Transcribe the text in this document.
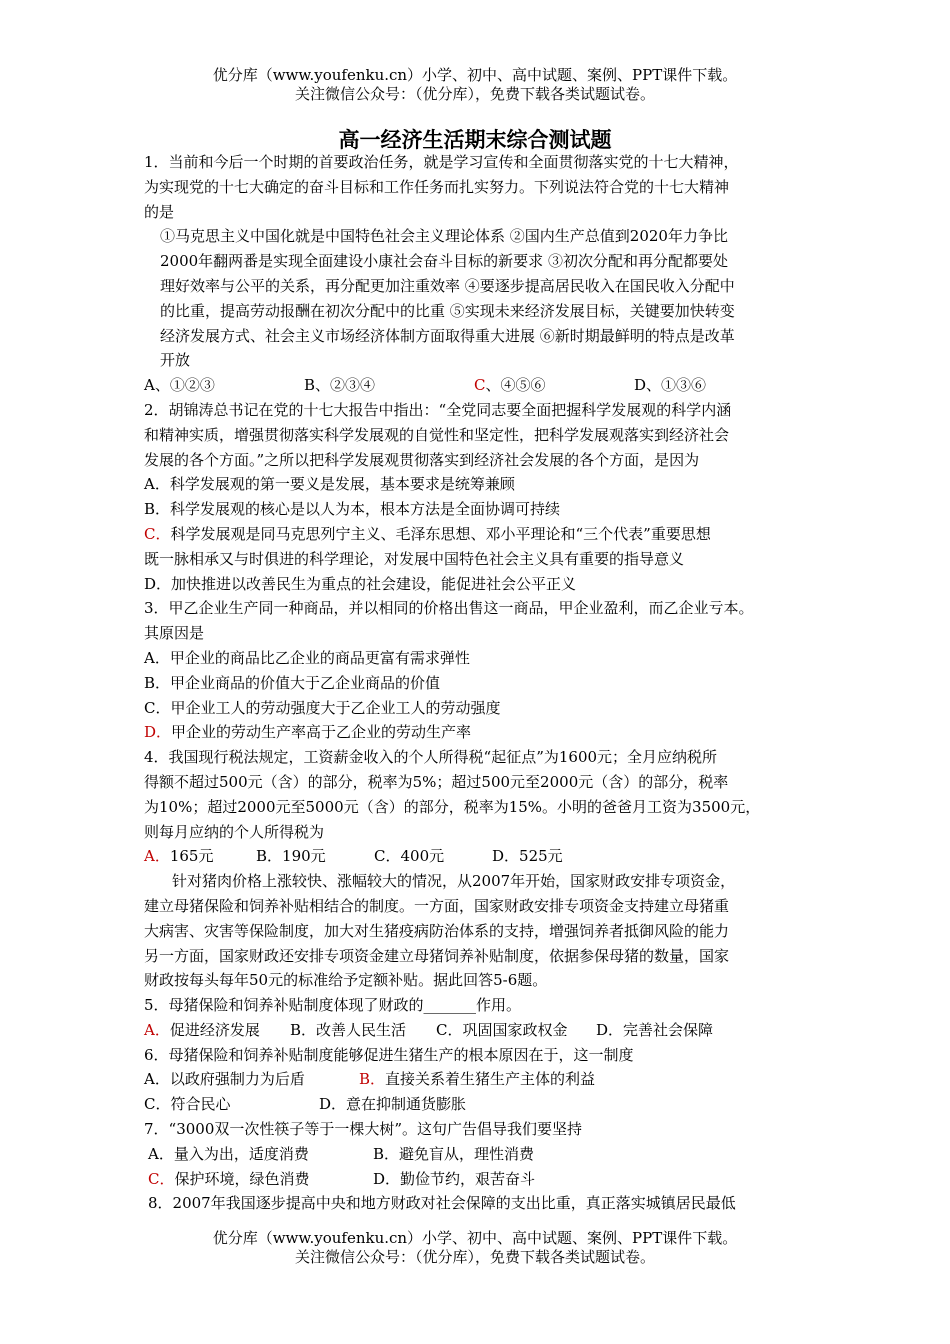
优分库（www.youfenku.cn）小学、初中、高中试题、案例、PPT课件下载。
关注微信公众号：（优分库），免费下载各类试题试卷。
高一经济生活期末综合测试题

1．当前和今后一个时期的首要政治任务，就是学习宣传和全面贯彻落实党的十七大精神，

为实现党的十七大确定的奋斗目标和工作任务而扎实努力。下列说法符合党的十七大精神

的是

①马克思主义中国化就是中国特色社会主义理论体系 ②国内生产总值到2020年力争比

2000年翻两番是实现全面建设小康社会奋斗目标的新要求 ③初次分配和再分配都要处

理好效率与公平的关系，再分配更加注重效率 ④要逐步提高居民收入在国民收入分配中

的比重，提高劳动报酬在初次分配中的比重 ⑤实现未来经济发展目标，关键要加快转变

经济发展方式、社会主义市场经济体制方面取得重大进展 ⑥新时期最鲜明的特点是改革

开放

A、①②③	B、②③④	C、④⑤⑥	D、①③⑥

2．胡锦涛总书记在党的十七大报告中指出：“全党同志要全面把握科学发展观的科学内涵

和精神实质，增强贯彻落实科学发展观的自觉性和坚定性，把科学发展观落实到经济社会

发展的各个方面。”之所以把科学发展观贯彻落实到经济社会发展的各个方面，是因为

A．科学发展观的第一要义是发展，基本要求是统筹兼顾

B．科学发展观的核心是以人为本，根本方法是全面协调可持续

C．科学发展观是同马克思列宁主义、毛泽东思想、邓小平理论和“三个代表”重要思想

既一脉相承又与时俱进的科学理论，对发展中国特色社会主义具有重要的指导意义

D．加快推进以改善民生为重点的社会建设，能促进社会公平正义

3．甲乙企业生产同一种商品，并以相同的价格出售这一商品，甲企业盈利，而乙企业亏本。

其原因是

A．甲企业的商品比乙企业的商品更富有需求弹性

B．甲企业商品的价值大于乙企业商品的价值

C．甲企业工人的劳动强度大于乙企业工人的劳动强度

D．甲企业的劳动生产率高于乙企业的劳动生产率

4．我国现行税法规定，工资薪金收入的个人所得税“起征点”为1600元；全月应纳税所

得额不超过500元（含）的部分，税率为5%；超过500元至2000元（含）的部分，税率

为10%；超过2000元至5000元（含）的部分，税率为15%。小明的爸爸月工资为3500元，

则每月应纳的个人所得税为

A．165元	B．190元	C．400元	D．525元

针对猪肉价格上涨较快、涨幅较大的情况，从2007年开始，国家财政安排专项资金，

建立母猪保险和饲养补贴相结合的制度。一方面，国家财政安排专项资金支持建立母猪重

大病害、灾害等保险制度，加大对生猪疫病防治体系的支持，增强饲养者抵御风险的能力

另一方面，国家财政还安排专项资金建立母猪饲养补贴制度，依据参保母猪的数量，国家

财政按每头每年50元的标准给予定额补贴。据此回答5-6题。

5．母猪保险和饲养补贴制度体现了财政的_______作用。

A．促进经济发展 B．改善人民生活 C．巩固国家政权金 D．完善社会保障

6．母猪保险和饲养补贴制度能够促进生猪生产的根本原因在于，这一制度

A．以政府强制力为后盾	B．直接关系着生猪生产主体的利益

C．符合民心	D．意在抑制通货膨胀

7．“3000双一次性筷子等于一棵大树”。这句广告倡导我们要坚持

A．量入为出，适度消费	B．避免盲从，理性消费

C．保护环境，绿色消费	D．勤俭节约，艰苦奋斗

8．2007年我国逐步提高中央和地方财政对社会保障的支出比重，真正落实城镇居民最低

优分库（www.youfenku.cn）小学、初中、高中试题、案例、PPT课件下载。
关注微信公众号：（优分库），免费下载各类试题试卷。
